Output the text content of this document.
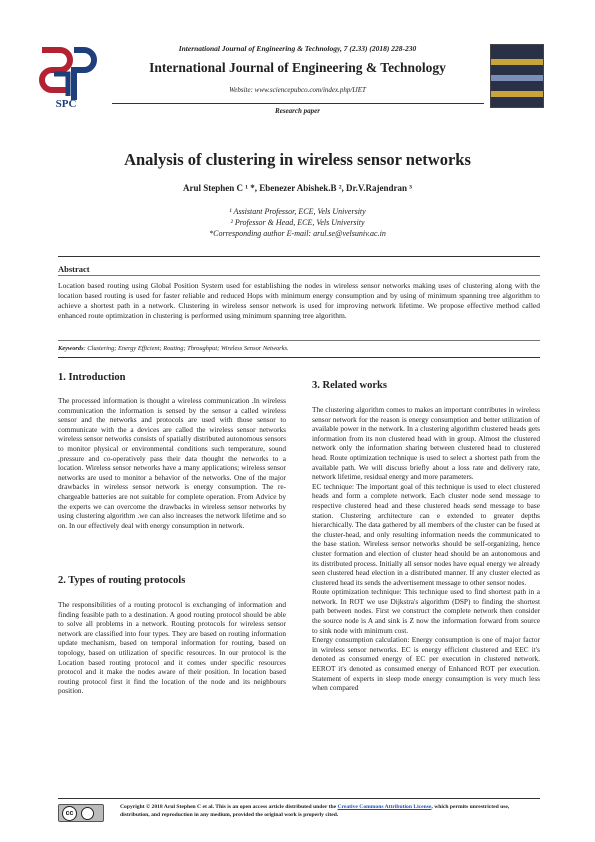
SPC
International Journal of Engineering & Technology, 7 (2.33) (2018) 228-230
International Journal of Engineering & Technology
Website: www.sciencepubco.com/index.php/IJET
Research paper
Analysis of clustering in wireless sensor networks
Arul Stephen C ¹ *, Ebenezer Abishek.B ², Dr.V.Rajendran ³
¹ Assistant Professor, ECE, Vels University
² Professor & Head, ECE, Vels University
*Corresponding author E-mail: arul.se@velsuniv.ac.in
Abstract
Location based routing using Global Position System used for establishing the nodes in wireless sensor networks making uses of clustering along with the location based routing is used for faster reliable and reduced Hops with minimum energy consumption and by using of minimum spanning tree algorithm to achieve a shortest path in a network. Clustering in wireless sensor network is used for improving network lifetime. We propose effective method called enhanced route optimization in clustering is performed using minimum spanning tree algorithm.
Keywords: Clustering; Energy Efficient; Routing; Throughput; Wireless Sensor Networks.
1. Introduction
The processed information is thought a wireless communication .In wireless communication the information is sensed by the sensor a called wireless sensor and the networks and protocols are used with those sensor to communicate with the a devices are called the wireless sensor networks wireless sensor networks consists of spatially distributed autonomous sensors to monitor physical or environmental conditions such temperature, sound ,pressure and co-operatively pass their data thought the networks to a location. Wireless sensor networks have a many applications; wireless sensor networks are used to monitor a behavior of the networks. One of the major drawbacks in wireless sensor network is energy consumption. The re-chargeable batteries are not suitable for complete operation. From Advice by the experts we can overcome the drawbacks in wireless sensor networks by using clustering algorithm .we can also increases the network lifetime and so on. In our effectively deal with energy consumption in network.
2. Types of routing protocols
The responsibilities of a routing protocol is exchanging of information and finding feasible path to a destination. A good routing protocol should be able to solve all problems in a network. Routing protocols for wireless sensor network are classified into four types. They are based on routing information update mechanism, based on temporal information for routing, based on topology, based on utilization of specific resources. In our protocol is the Location based routing protocol and it comes under specific resources protocol and it make the nodes aware of their position. In location based routing protocol first it find the location of the node and its neighbours position.
3. Related works
The clustering algorithm comes to makes an important contributes in wireless sensor network for the reason is energy consumption and better utilization of available power in the network. In a clustering algorithm clustered heads gets information from its non clustered head with in group. Almost the clustered network only the information sharing between clustered head to clustered head. Route optimization technique is used to select a shortest path from the available path. We will discuss briefly about a loss rate and delivery rate, network lifetime, residual energy and more parameters.
EC technique: The important goal of this technique is used to elect clustered heads and form a complete network. Each cluster node send message to respective clustered head and these clustered heads send message to base station. Clustering architecture can e extended to greater depths hierarchically. The data gathered by all members of the cluster can be fused at the cluster-head, and only resulting information needs the communicated to the base station. Wireless sensor networks should be self-organizing, hence cluster formation and election of cluster head should be an autonomous and its distributed process. Initially all sensor nodes have equal energy we already seen clustered head election in a distributed manner. If any cluster elected as clustered head its sends the advertisement message to other sensor nodes.
Route optimization technique: This technique used to find shortest path in a network. In ROT we use Dijkstra's algorithm (DSP) to finding the shortest path between nodes. First we construct the complete network then consider the source node is A and sink is Z now the information forward from source to sink node with minimum cost.
Energy consumption calculation: Energy consumption is one of major factor in wireless sensor networks. EC is energy efficient clustered and EEC it's denoted as consumed energy of EC per execution in clustered network. EEROT it's denoted as consumed energy of Enhanced ROT per execution. Statement of experts in sleep mode energy consumption is very much less when compared
cc
Copyright © 2018 Arul Stephen C et al. This is an open access article distributed under the Creative Commons Attribution License, which permits unrestricted use, distribution, and reproduction in any medium, provided the original work is properly cited.
